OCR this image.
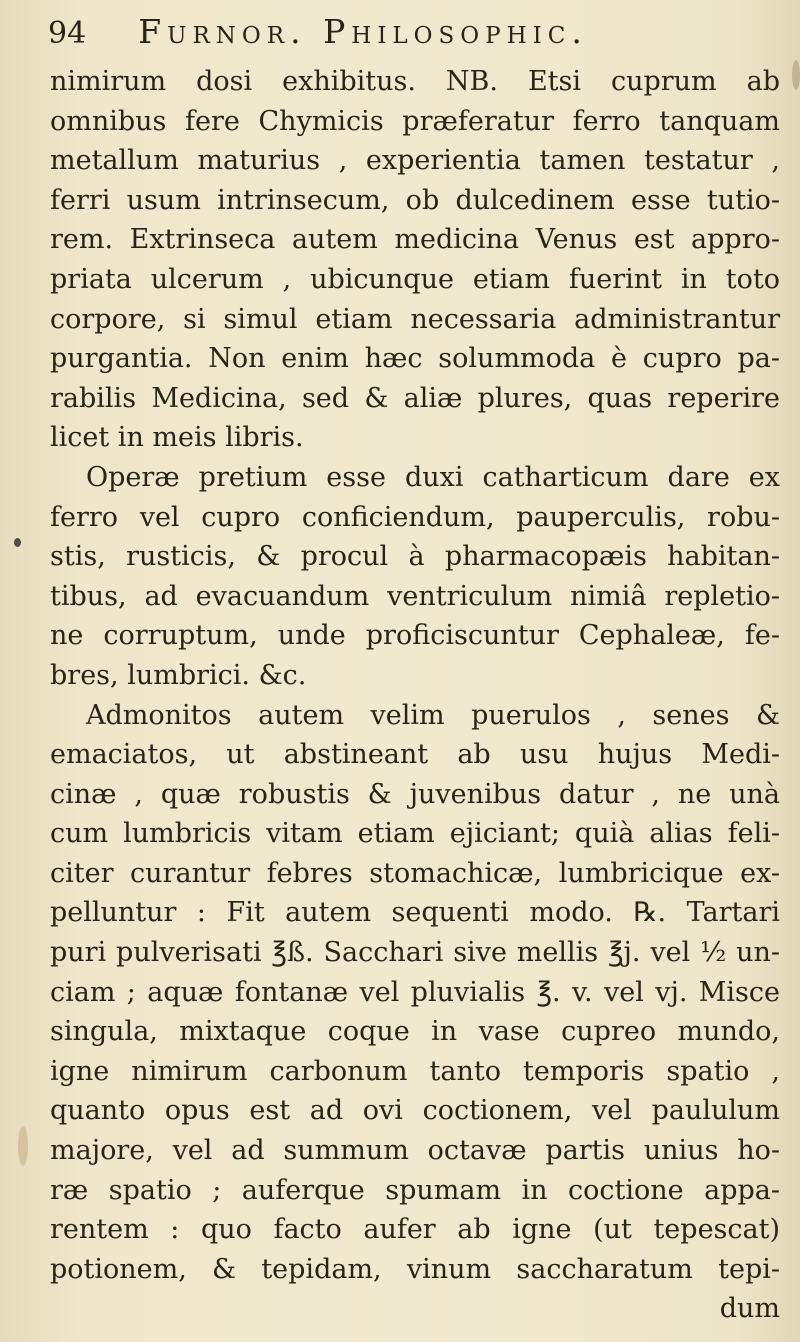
94 Furnor. Philosophic.
nimirum dosi exhibitus. NB. Etsi cuprum ab
omnibus fere Chymicis præferatur ferro tanquam
metallum maturius , experientia tamen testatur ,
ferri usum intrinsecum, ob dulcedinem esse tutio-
rem. Extrinseca autem medicina Venus est appro-
priata ulcerum , ubicunque etiam fuerint in toto
corpore, si simul etiam necessaria administrantur
purgantia. Non enim hæc solummoda è cupro pa-
rabilis Medicina, sed & aliæ plures, quas reperire
licet in meis libris.
Operæ pretium esse duxi catharticum dare ex
ferro vel cupro conficiendum, pauperculis, robu-
stis, rusticis, & procul à pharmacopæis habitan-
tibus, ad evacuandum ventriculum nimiâ repletio-
ne corruptum, unde proficiscuntur Cephaleæ, fe-
bres, lumbrici. &c.
Admonitos autem velim puerulos , senes &
emaciatos, ut abstineant ab usu hujus Medi-
cinæ , quæ robustis & juvenibus datur , ne unà
cum lumbricis vitam etiam ejiciant; quià alias feli-
citer curantur febres stomachicæ, lumbricique ex-
pelluntur : Fit autem sequenti modo. ℞. Tartari
puri pulverisati ℥ß. Sacchari sive mellis ℥j. vel ½ un-
ciam ; aquæ fontanæ vel pluvialis ℥. v. vel vj. Misce
singula, mixtaque coque in vase cupreo mundo,
igne nimirum carbonum tanto temporis spatio ,
quanto opus est ad ovi coctionem, vel paululum
majore, vel ad summum octavæ partis unius ho-
ræ spatio ; auferque spumam in coctione appa-
rentem : quo facto aufer ab igne (ut tepescat)
potionem, & tepidam, vinum saccharatum tepi-
dum
